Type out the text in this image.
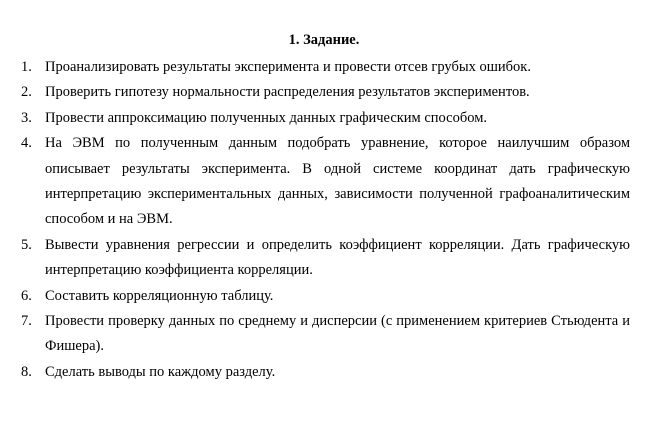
1. Задание.
1. Проанализировать результаты эксперимента и провести отсев грубых ошибок.
2. Проверить гипотезу нормальности распределения результатов экспериментов.
3. Провести аппроксимацию полученных данных графическим способом.
4. На ЭВМ по полученным данным подобрать уравнение, которое наилучшим образом описывает результаты эксперимента. В одной системе координат дать графическую интерпретацию экспериментальных данных, зависимости полученной графоаналитическим способом и на ЭВМ.
5. Вывести уравнения регрессии и определить коэффициент корреляции. Дать графическую интерпретацию коэффициента корреляции.
6. Составить корреляционную таблицу.
7. Провести проверку данных по среднему и дисперсии (с применением критериев Стьюдента и Фишера).
8. Сделать выводы по каждому разделу.
